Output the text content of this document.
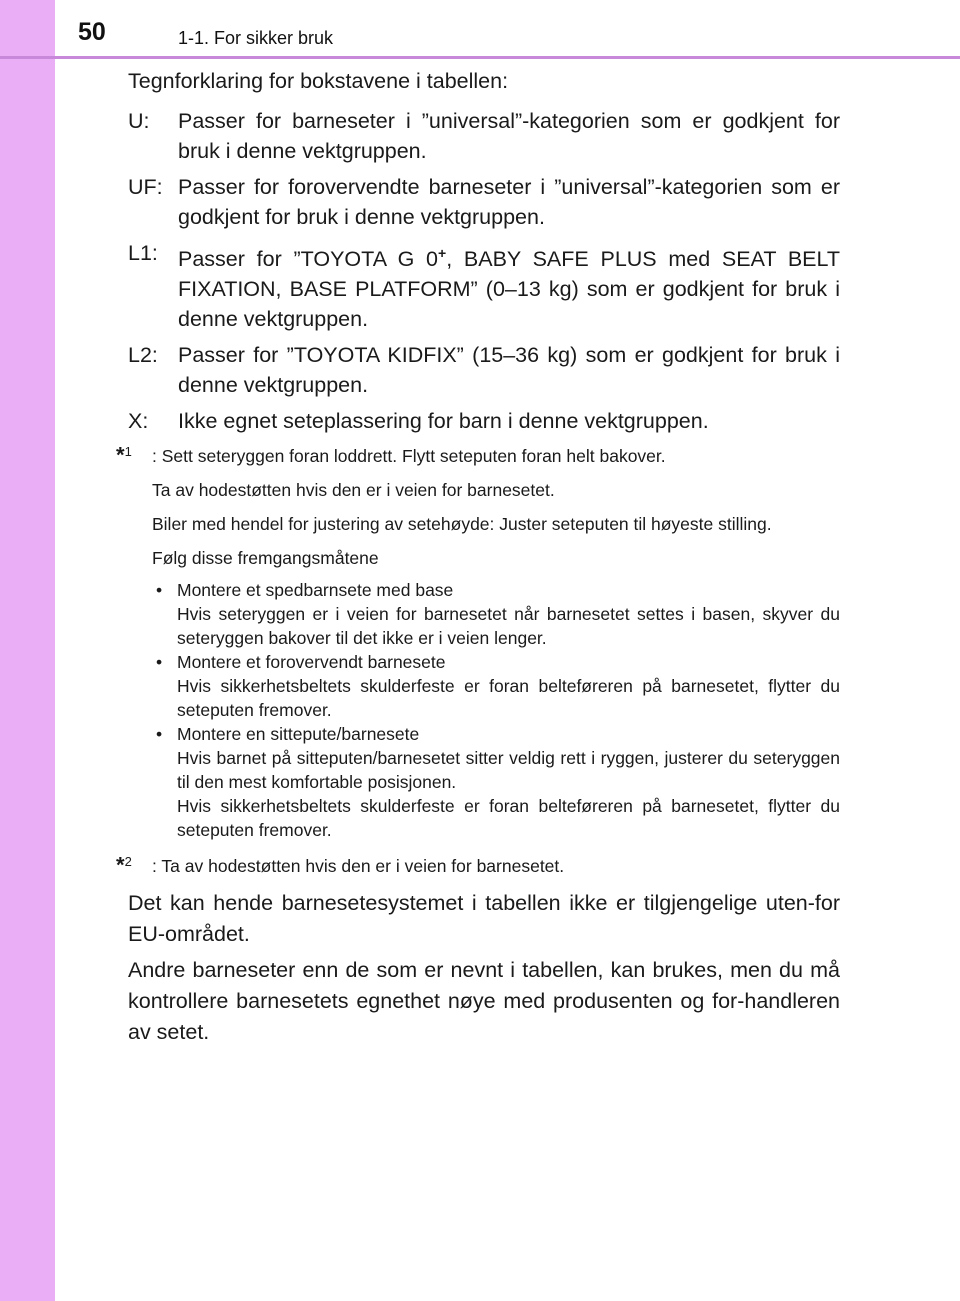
50	1-1. For sikker bruk

Tegnforklaring for bokstavene i tabellen:

U:	Passer for barneseter i ”universal”-kategorien som er godkjent for bruk i denne vektgruppen.
UF: Passer for forovervendte barneseter i ”universal”-kategorien som er godkjent for bruk i denne vektgruppen.
L1: Passer for ”TOYOTA G 0+, BABY SAFE PLUS med SEAT BELT FIXATION, BASE PLATFORM” (0–13 kg) som er godkjent for bruk i denne vektgruppen.
L2: Passer for ”TOYOTA KIDFIX” (15–36 kg) som er godkjent for bruk i denne vektgruppen.
X:	Ikke egnet seteplassering for barn i denne vektgruppen.
*$^1$ : Sett seteryggen foran loddrett. Flytt seteputen foran helt bakover.

Ta av hodestøtten hvis den er i veien for barnesetet.

Biler med hendel for justering av setehøyde: Juster seteputen til høyeste stilling.

Følg disse fremgangsmåtene

• Montere et spedbarnsete med base
Hvis seteryggen er i veien for barnesetet når barnesetet settes i basen, skyver du seteryggen bakover til det ikke er i veien lenger.
• Montere et forovervendt barnesete
Hvis sikkerhetsbeltets skulderfeste er foran belteføreren på barnesetet, flytter du seteputen fremover.
• Montere en sittepute/barnesete
Hvis barnet på sitteputen/barnesetet sitter veldig rett i ryggen, justerer du seteryggen til den mest komfortable posisjonen.
Hvis sikkerhetsbeltets skulderfeste er foran belteføreren på barnesetet, flytter du seteputen fremover.
*$^2$ : Ta av hodestøtten hvis den er i veien for barnesetet.

Det kan hende barnesetesystemet i tabellen ikke er tilgjengelige uten-for EU-området.

Andre barneseter enn de som er nevnt i tabellen, kan brukes, men du må kontrollere barnesetets egnethet nøye med produsenten og for-handleren av setet.
